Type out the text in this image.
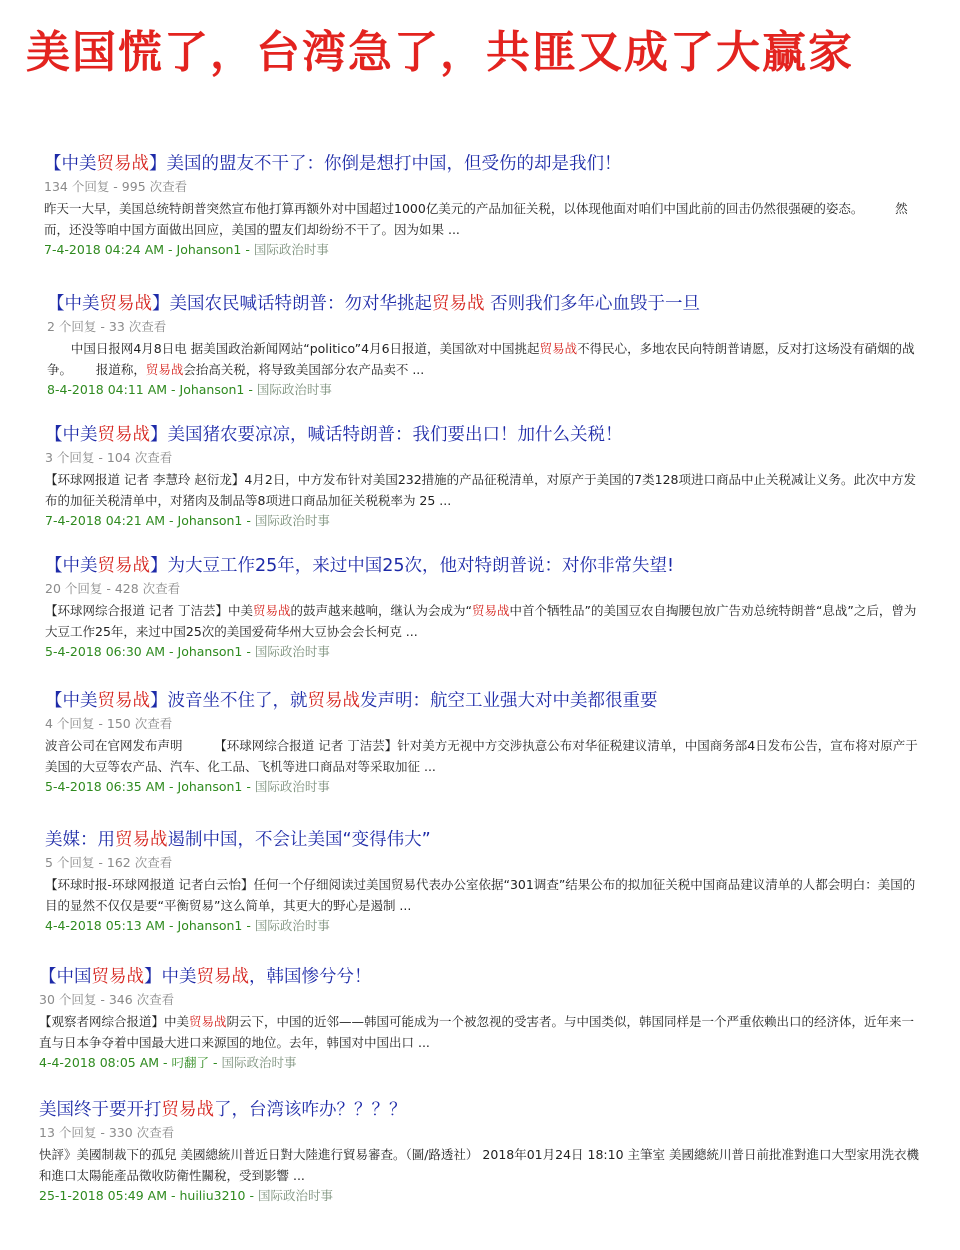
美国慌了，台湾急了，共匪又成了大赢家
【中美贸易战】美国的盟友不干了：你倒是想打中国，但受伤的却是我们！
134 个回复 - 995 次查看
昨天一大早，美国总统特朗普突然宣布他打算再额外对中国超过1000亿美元的产品加征关税，以体现他面对咱们中国此前的回击仍然很强硬的姿态。        然而，还没等咱中国方面做出回应，美国的盟友们却纷纷不干了。因为如果 ...
7-4-2018 04:24 AM - Johanson1 - 国际政治时事
【中美贸易战】美国农民喊话特朗普：勿对华挑起贸易战 否则我们多年心血毁于一旦
2 个回复 - 33 次查看
中国日报网4月8日电 据美国政治新闻网站“politico”4月6日报道，美国欲对中国挑起贸易战不得民心，多地农民向特朗普请愿，反对打这场没有硝烟的战争。      报道称，贸易战会抬高关税，将导致美国部分农产品卖不 ...
8-4-2018 04:11 AM - Johanson1 - 国际政治时事
【中美贸易战】美国猪农要凉凉，喊话特朗普：我们要出口！加什么关税！
3 个回复 - 104 次查看
【环球网报道 记者 李慧玲 赵衍龙】4月2日，中方发布针对美国232措施的产品征税清单，对原产于美国的7类128项进口商品中止关税减让义务。此次中方发布的加征关税清单中，对猪肉及制品等8项进口商品加征关税税率为 25 ...
7-4-2018 04:21 AM - Johanson1 - 国际政治时事
【中美贸易战】为大豆工作25年，来过中国25次，他对特朗普说：对你非常失望!
20 个回复 - 428 次查看
【环球网综合报道 记者 丁洁芸】中美贸易战的鼓声越来越响，继认为会成为“贸易战中首个牺牲品”的美国豆农自掏腰包放广告劝总统特朗普“息战”之后，曾为大豆工作25年，来过中国25次的美国爱荷华州大豆协会会长柯克 ...
5-4-2018 06:30 AM - Johanson1 - 国际政治时事
【中美贸易战】波音坐不住了，就贸易战发声明：航空工业强大对中美都很重要
4 个回复 - 150 次查看
波音公司在官网发布声明        【环球网综合报道 记者 丁洁芸】针对美方无视中方交涉执意公布对华征税建议清单，中国商务部4日发布公告，宣布将对原产于美国的大豆等农产品、汽车、化工品、飞机等进口商品对等采取加征 ...
5-4-2018 06:35 AM - Johanson1 - 国际政治时事
美媒：用贸易战遏制中国，不会让美国“变得伟大”
5 个回复 - 162 次查看
【环球时报-环球网报道 记者白云怡】任何一个仔细阅读过美国贸易代表办公室依据“301调查”结果公布的拟加征关税中国商品建议清单的人都会明白：美国的目的显然不仅仅是要“平衡贸易”这么简单，其更大的野心是遏制 ...
4-4-2018 05:13 AM - Johanson1 - 国际政治时事
【中国贸易战】中美贸易战，韩国惨兮兮！
30 个回复 - 346 次查看
【观察者网综合报道】中美贸易战阴云下，中国的近邻——韩国可能成为一个被忽视的受害者。与中国类似，韩国同样是一个严重依赖出口的经济体，近年来一直与日本争夺着中国最大进口来源国的地位。去年，韩国对中国出口 ...
4-4-2018 08:05 AM - 叼翻了 - 国际政治时事
美国终于要开打贸易战了，台湾该咋办？？？？
13 个回复 - 330 次查看
快評》美國制裁下的孤兒 美國總統川普近日對大陸進行貿易審查。（圖/路透社） 2018年01月24日 18:10 主筆室 美國總統川普日前批准對進口大型家用洗衣機和進口太陽能產品徵收防衛性關稅，受到影響 ...
25-1-2018 05:49 AM - huiliu3210 - 国际政治时事
